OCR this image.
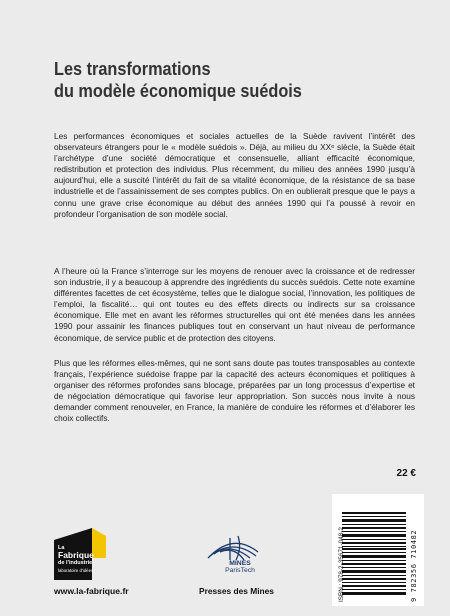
Les transformations
du modèle économique suédois

Les performances économiques et sociales actuelles de la Suède ravivent l’intérêt des observateurs étrangers pour le « modèle suédois ». Déjà, au milieu du XXᵉ siècle, la Suède était l’archétype d’une société démocratique et consensuelle, alliant efficacité économique, redistribution et protection des individus. Plus récemment, du milieu des années 1990 jusqu’à aujourd’hui, elle a suscité l’intérêt du fait de sa vitalité économique, de la résistance de sa base industrielle et de l’assainissement de ses comptes publics. On en oublierait presque que le pays a connu une grave crise économique au début des années 1990 qui l’a poussé à revoir en profondeur l’organisation de son modèle social.

A l’heure où la France s’interroge sur les moyens de renouer avec la croissance et de redresser son industrie, il y a beaucoup à apprendre des ingrédients du succès suédois. Cette note examine différentes facettes de cet écosystème, telles que le dialogue social, l’innovation, les politiques de l’emploi, la fiscalité… qui ont toutes eu des effets directs ou indirects sur sa croissance économique. Elle met en avant les réformes structurelles qui ont été menées dans les années 1990 pour assainir les finances publiques tout en conservant un haut niveau de performance économique, de service public et de protection des citoyens.

Plus que les réformes elles-mêmes, qui ne sont sans doute pas toutes transposables au contexte français, l’expérience suédoise frappe par la capacité des acteurs économiques et politiques à organiser des réformes profondes sans blocage, préparées par un long processus d’expertise et de négociation démocratique qui favorise leur appropriation. Son succès nous invite à nous demander comment renouveler, en France, la manière de conduire les réformes et d’élaborer les choix collectifs.

22 €
La
Fabrique
de l’industrie
laboratoire d’idées
www.la-fabrique.fr
MINES
ParisTech
Presses des Mines	ISBN : 978-2-35671-048-2	9 782356 710482
